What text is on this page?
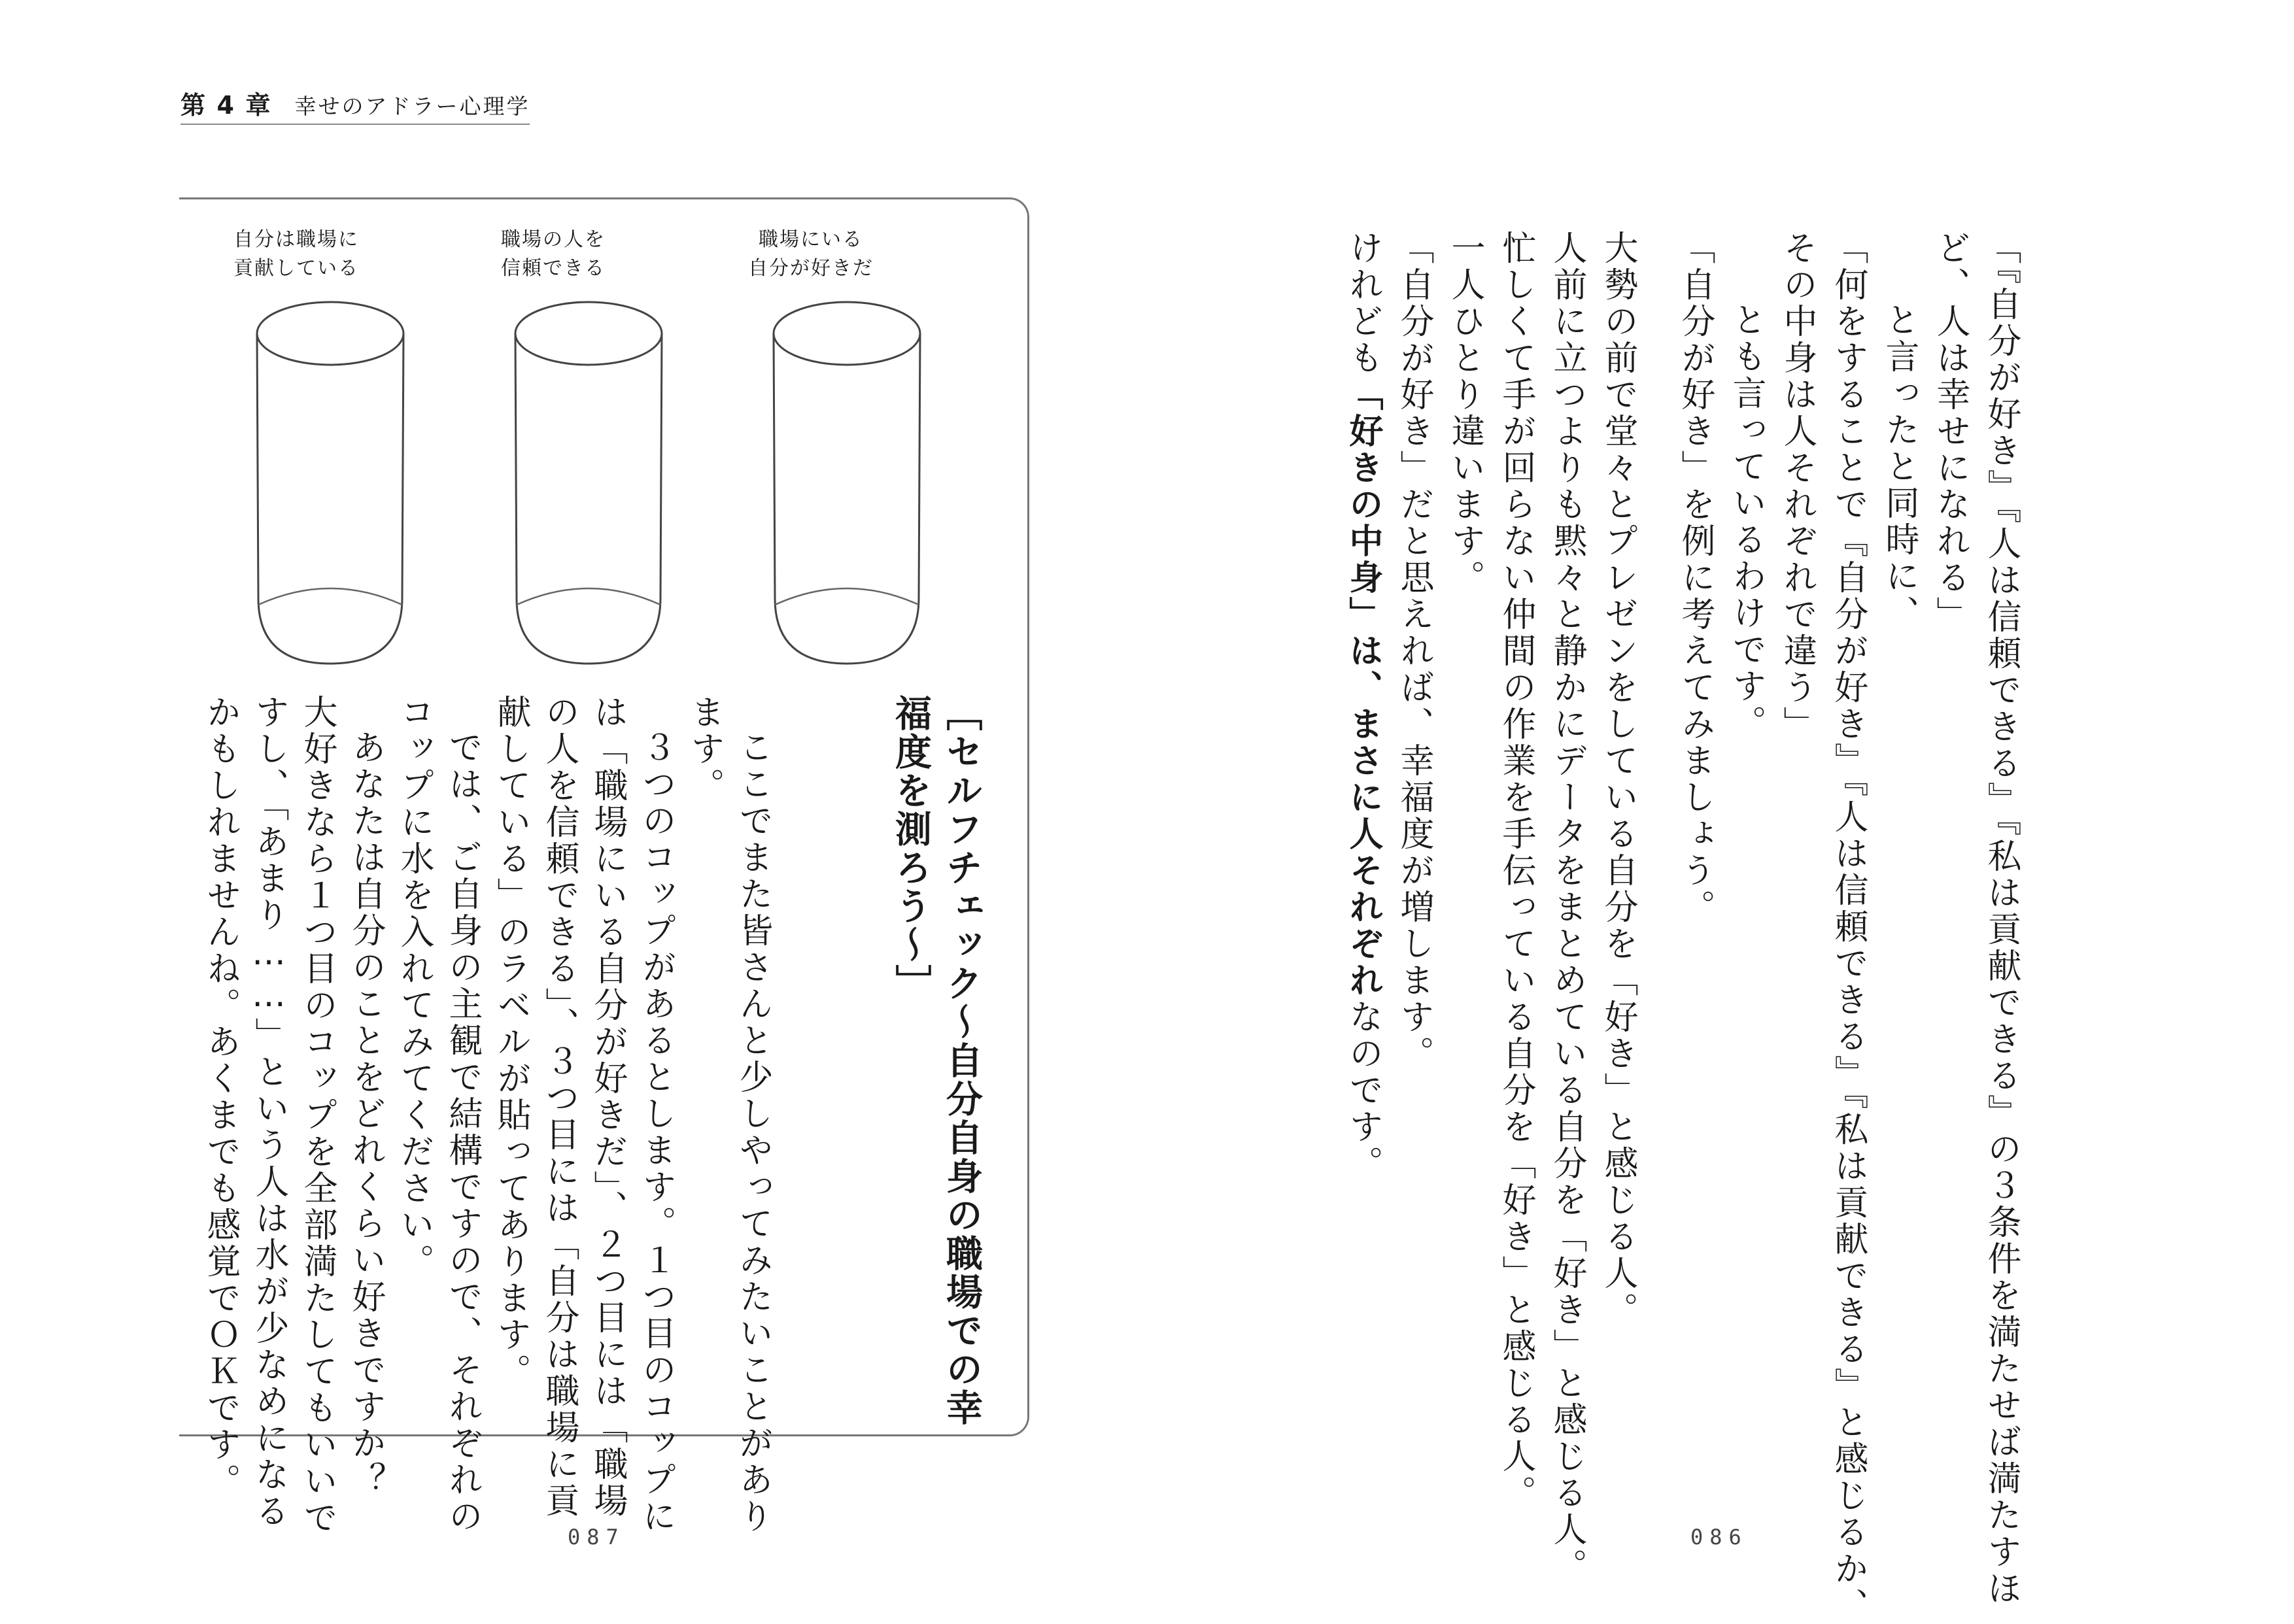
第 4 章 幸せのアドラー心理学
自分は職場に
貢献している
職場の人を
信頼できる
職場にいる
自分が好きだ

［セルフチェック～自分自身の職場での幸

福度を測ろう～］

ここでまた皆さんと少しやってみたいことがあり

ます。

３つのコップがあるとします。１つ目のコップに

は「職場にいる自分が好きだ」、２つ目には「職場

の人を信頼できる」、３つ目には「自分は職場に貢

献している」のラベルが貼ってあります。

では、ご自身の主観で結構ですので、それぞれの

コップに水を入れてみてください。

あなたは自分のことをどれくらい好きですか？

大好きなら１つ目のコップを全部満たしてもいいで

すし、「あまり……」という人は水が少なめになる

かもしれませんね。あくまでも感覚でＯＫです。	「『自分が好き』『人は信頼できる』『私は貢献できる』の３条件を満たせば満たすほ

ど、人は幸せになれる」

と言ったと同時に、

「何をすることで『自分が好き』『人は信頼できる』『私は貢献できる』と感じるか、

その中身は人それぞれで違う」

とも言っているわけです。

「自分が好き」を例に考えてみましょう。

大勢の前で堂々とプレゼンをしている自分を「好き」と感じる人。

人前に立つよりも黙々と静かにデータをまとめている自分を「好き」と感じる人。

忙しくて手が回らない仲間の作業を手伝っている自分を「好き」と感じる人。

一人ひとり違います。

「自分が好き」だと思えれば、幸福度が増します。

けれども「好きの中身」は、まさに人それぞれなのです。

087	086
